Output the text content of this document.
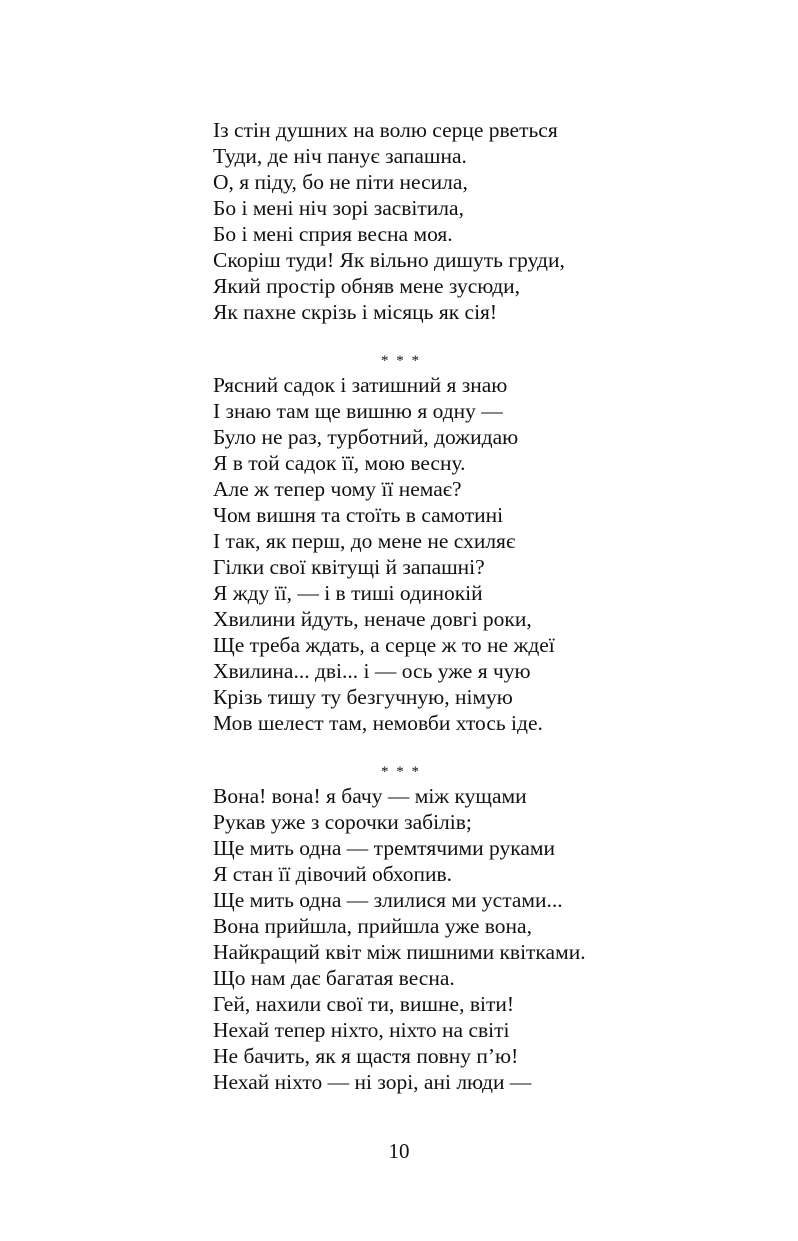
Із стін душних на волю серце рветься
Туди, де ніч панує запашна.
О, я піду, бо не піти несила,
Бо і мені ніч зорі засвітила,
Бо і мені сприя весна моя.
Скоріш туди! Як вільно дишуть груди,
Який простір обняв мене зусюди,
Як пахне скрізь і місяць як сія!
* * *
Рясний садок і затишний я знаю
І знаю там ще вишню я одну —
Було не раз, турботний, дожидаю
Я в той садок її, мою весну.
Але ж тепер чому її немає?
Чом вишня та стоїть в самотині
І так, як перш, до мене не схиляє
Гілки свої квітущі й запашні?
Я жду її, — і в тиші одинокій
Хвилини йдуть, неначе довгі роки,
Ще треба ждать, а серце ж то не ждеї
Хвилина... дві... і — ось уже я чую
Крізь тишу ту безгучную, німую
Мов шелест там, немовби хтось іде.
* * *
Вона! вона! я бачу — між кущами
Рукав уже з сорочки забілів;
Ще мить одна — тремтячими руками
Я стан її дівочий обхопив.
Ще мить одна — злилися ми устами...
Вона прийшла, прийшла уже вона,
Найкращий квіт між пишними квітками.
Що нам дає багатая весна.
Гей, нахили свої ти, вишне, віти!
Нехай тепер ніхто, ніхто на світі
Не бачить, як я щастя повну п’ю!
Нехай ніхто — ні зорі, ані люди —
10
